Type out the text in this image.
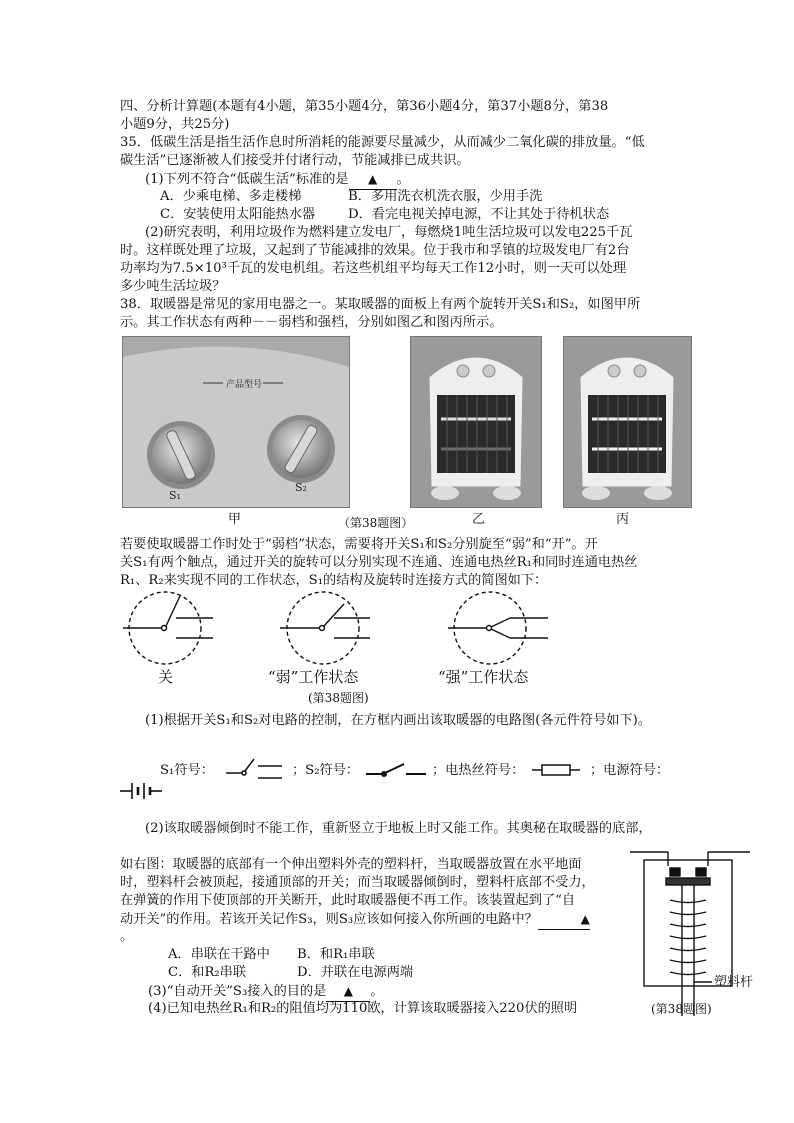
四、分析计算题(本题有4小题，第35小题4分，第36小题4分，第37小题8分，第38
小题9分，共25分)
35．低碳生活是指生活作息时所消耗的能源要尽量减少，从而减少二氧化碳的排放量。“低
碳生活”已逐渐被人们接受并付诸行动，节能减排已成共识。
(1)下列不符合“低碳生活”标准的是 ▲ 。
A．少乘电梯、多走楼梯	B．多用洗衣机洗衣服，少用手洗
C．安装使用太阳能热水器 D．看完电视关掉电源，不让其处于待机状态
(2)研究表明，利用垃圾作为燃料建立发电厂，每燃烧1吨生活垃圾可以发电225千瓦
时。这样既处理了垃圾，又起到了节能减排的效果。位于我市和孚镇的垃圾发电厂有2台
功率均为7.5×10³千瓦的发电机组。若这些机组平均每天工作12小时，则一天可以处理
多少吨生活垃圾？
38．取暖器是常见的家用电器之一。某取暖器的面板上有两个旋转开关S₁和S₂，如图甲所
示。其工作状态有两种－－弱档和强档，分别如图乙和图丙所示。
产品型号
S₁
S₂
甲	（第38题图）	乙	丙
若要使取暖器工作时处于“弱档”状态，需要将开关S₁和S₂分别旋至“弱”和“开”。开
关S₁有两个触点，通过开关的旋转可以分别实现不连通、连通电热丝R₁和同时连通电热丝
R₁、R₂来实现不同的工作状态，S₁的结构及旋转时连接方式的简图如下：
关	“弱”工作状态	“强”工作状态
(第38题图)
(1)根据开关S₁和S₂对电路的控制，在方框内画出该取暖器的电路图(各元件符号如下)。
S₁符号：	；S₂符号：	；电热丝符号：	；电源符号：
(2)该取暖器倾倒时不能工作，重新竖立于地板上时又能工作。其奥秘在取暖器的底部，
如右图：取暖器的底部有一个伸出塑料外壳的塑料杆，当取暖器放置在水平地面
时，塑料杆会被顶起，接通顶部的开关；而当取暖器倾倒时，塑料杆底部不受力，
在弹簧的作用下使顶部的开关断开，此时取暖器便不再工作。该装置起到了“自
动开关”的作用。若该开关记作S₃，则S₃应该如何接入你所画的电路中？	▲
。
A．串联在干路中 B．和R₁串联
C．和R₂串联	D．并联在电源两端
(3)“自动开关”S₃接入的目的是 ▲ 。
(4)已知电热丝R₁和R₂的阻值均为110欧，计算该取暖器接入220伏的照明
塑料杆
(第38题图)
